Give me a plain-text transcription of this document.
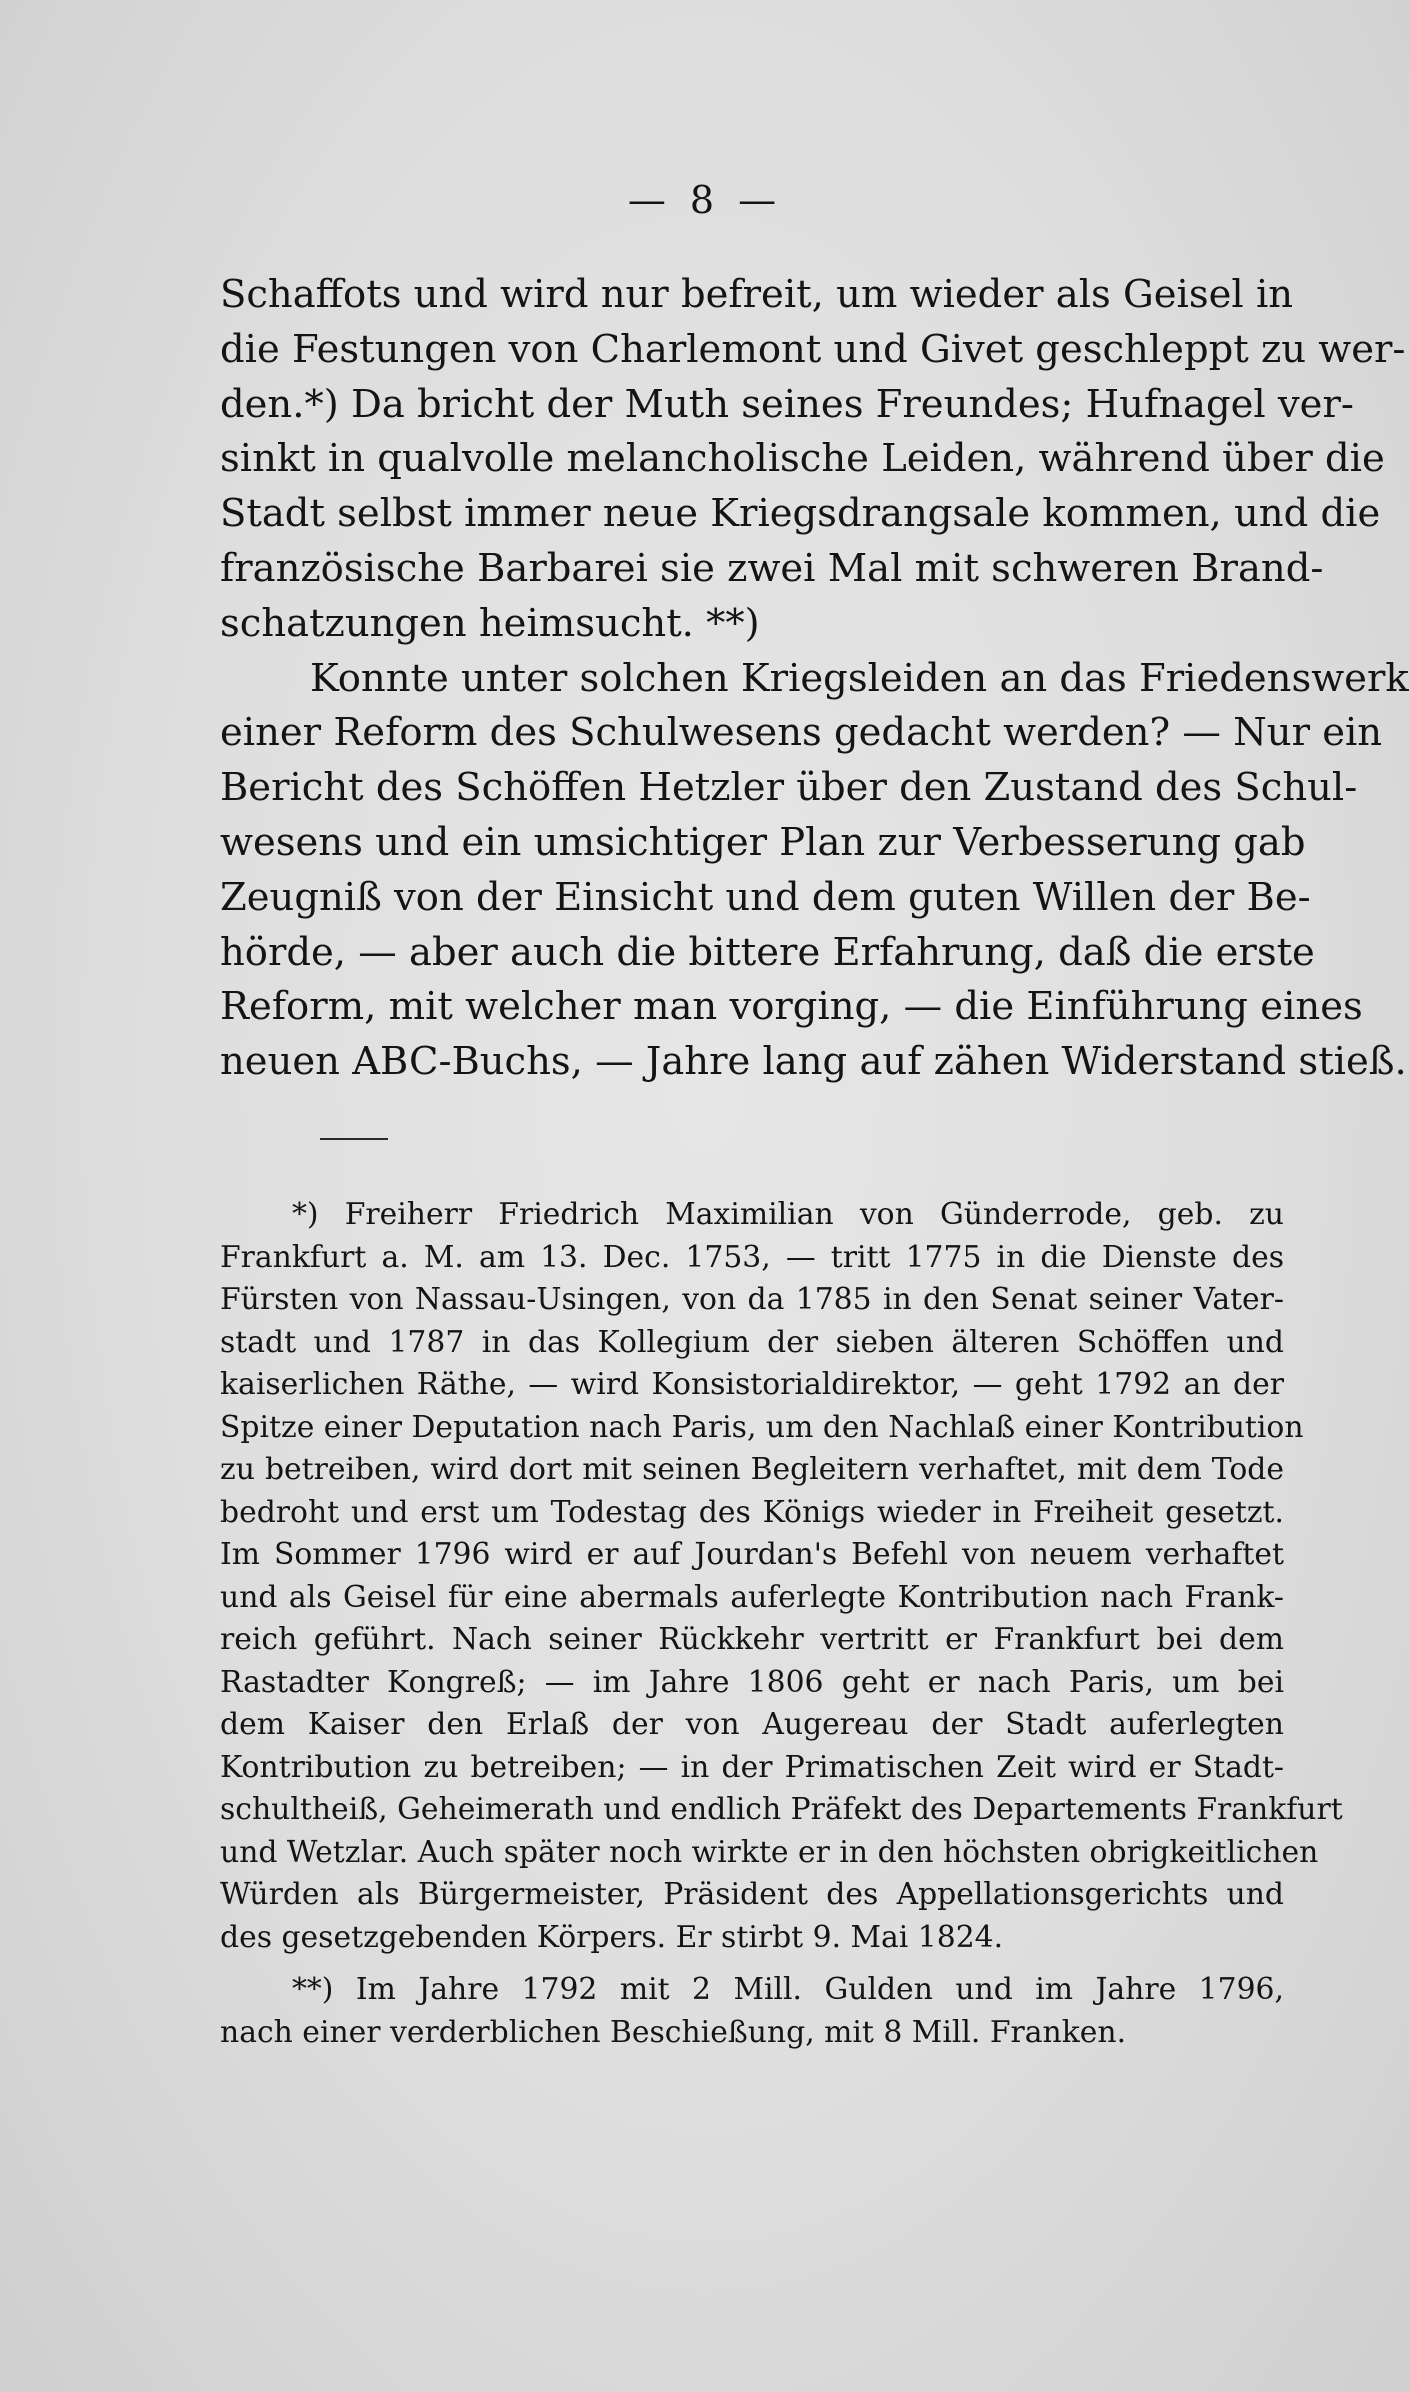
— 8 —
Schaffots und wird nur befreit, um wieder als Geisel in
die Festungen von Charlemont und Givet geschleppt zu wer-
den.*) Da bricht der Muth seines Freundes; Hufnagel ver-
sinkt in qualvolle melancholische Leiden, während über die
Stadt selbst immer neue Kriegsdrangsale kommen, und die
französische Barbarei sie zwei Mal mit schweren Brand-
schatzungen heimsucht. **)
Konnte unter solchen Kriegsleiden an das Friedenswerk
einer Reform des Schulwesens gedacht werden? — Nur ein
Bericht des Schöffen Hetzler über den Zustand des Schul-
wesens und ein umsichtiger Plan zur Verbesserung gab
Zeugniß von der Einsicht und dem guten Willen der Be-
hörde, — aber auch die bittere Erfahrung, daß die erste
Reform, mit welcher man vorging, — die Einführung eines
neuen ABC-Buchs, — Jahre lang auf zähen Widerstand stieß.
*) Freiherr Friedrich Maximilian von Günderrode, geb. zu
Frankfurt a. M. am 13. Dec. 1753, — tritt 1775 in die Dienste des
Fürsten von Nassau-Usingen, von da 1785 in den Senat seiner Vater-
stadt und 1787 in das Kollegium der sieben älteren Schöffen und
kaiserlichen Räthe, — wird Konsistorialdirektor, — geht 1792 an der
Spitze einer Deputation nach Paris, um den Nachlaß einer Kontribution
zu betreiben, wird dort mit seinen Begleitern verhaftet, mit dem Tode
bedroht und erst um Todestag des Königs wieder in Freiheit gesetzt.
Im Sommer 1796 wird er auf Jourdan's Befehl von neuem verhaftet
und als Geisel für eine abermals auferlegte Kontribution nach Frank-
reich geführt. Nach seiner Rückkehr vertritt er Frankfurt bei dem
Rastadter Kongreß; — im Jahre 1806 geht er nach Paris, um bei
dem Kaiser den Erlaß der von Augereau der Stadt auferlegten
Kontribution zu betreiben; — in der Primatischen Zeit wird er Stadt-
schultheiß, Geheimerath und endlich Präfekt des Departements Frankfurt
und Wetzlar. Auch später noch wirkte er in den höchsten obrigkeitlichen
Würden als Bürgermeister, Präsident des Appellationsgerichts und
des gesetzgebenden Körpers. Er stirbt 9. Mai 1824.
**) Im Jahre 1792 mit 2 Mill. Gulden und im Jahre 1796,
nach einer verderblichen Beschießung, mit 8 Mill. Franken.
